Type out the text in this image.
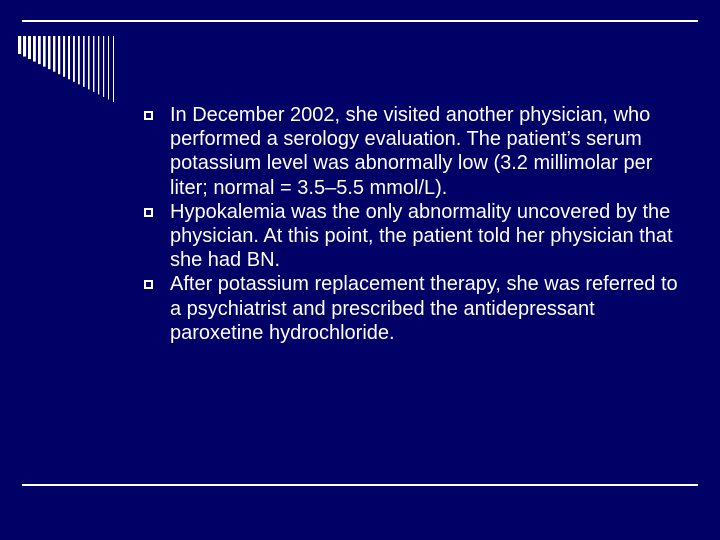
In December 2002, she visited another physician, who performed a serology evaluation. The patient’s serum potassium level was abnormally low (3.2 millimolar per liter; normal = 3.5–5.5 mmol/L).
Hypokalemia was the only abnormality uncovered by the physician. At this point, the patient told her physician that she had BN.
After potassium replacement therapy, she was referred to a psychiatrist and prescribed the antidepressant paroxetine hydrochloride.
